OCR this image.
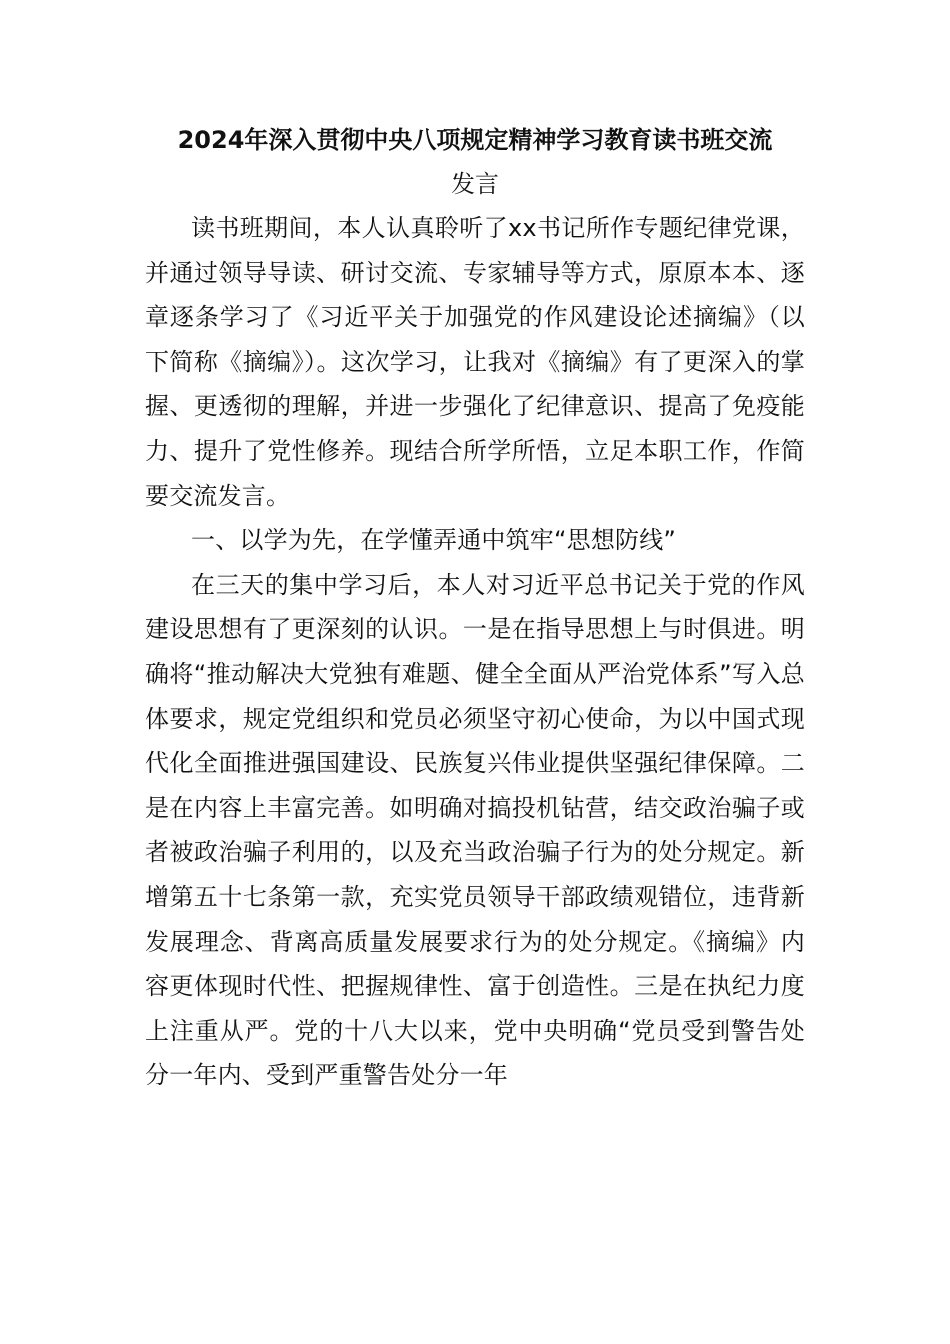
2024年深入贯彻中央八项规定精神学习教育读书班交流
发言

读书班期间，本人认真聆听了xx书记所作专题纪律党课，并通过领导导读、研讨交流、专家辅导等方式，原原本本、逐章逐条学习了《习近平关于加强党的作风建设论述摘编》（以下简称《摘编》）。这次学习，让我对《摘编》有了更深入的掌握、更透彻的理解，并进一步强化了纪律意识、提高了免疫能力、提升了党性修养。现结合所学所悟，立足本职工作，作简要交流发言。

一、以学为先，在学懂弄通中筑牢“思想防线”

在三天的集中学习后，本人对习近平总书记关于党的作风建设思想有了更深刻的认识。一是在指导思想上与时俱进。明确将“推动解决大党独有难题、健全全面从严治党体系”写入总体要求，规定党组织和党员必须坚守初心使命，为以中国式现代化全面推进强国建设、民族复兴伟业提供坚强纪律保障。二是在内容上丰富完善。如明确对搞投机钻营，结交政治骗子或者被政治骗子利用的，以及充当政治骗子行为的处分规定。新增第五十七条第一款，充实党员领导干部政绩观错位，违背新发展理念、背离高质量发展要求行为的处分规定。《摘编》内容更体现时代性、把握规律性、富于创造性。三是在执纪力度上注重从严。党的十八大以来，党中央明确“党员受到警告处分一年内、受到严重警告处分一年
